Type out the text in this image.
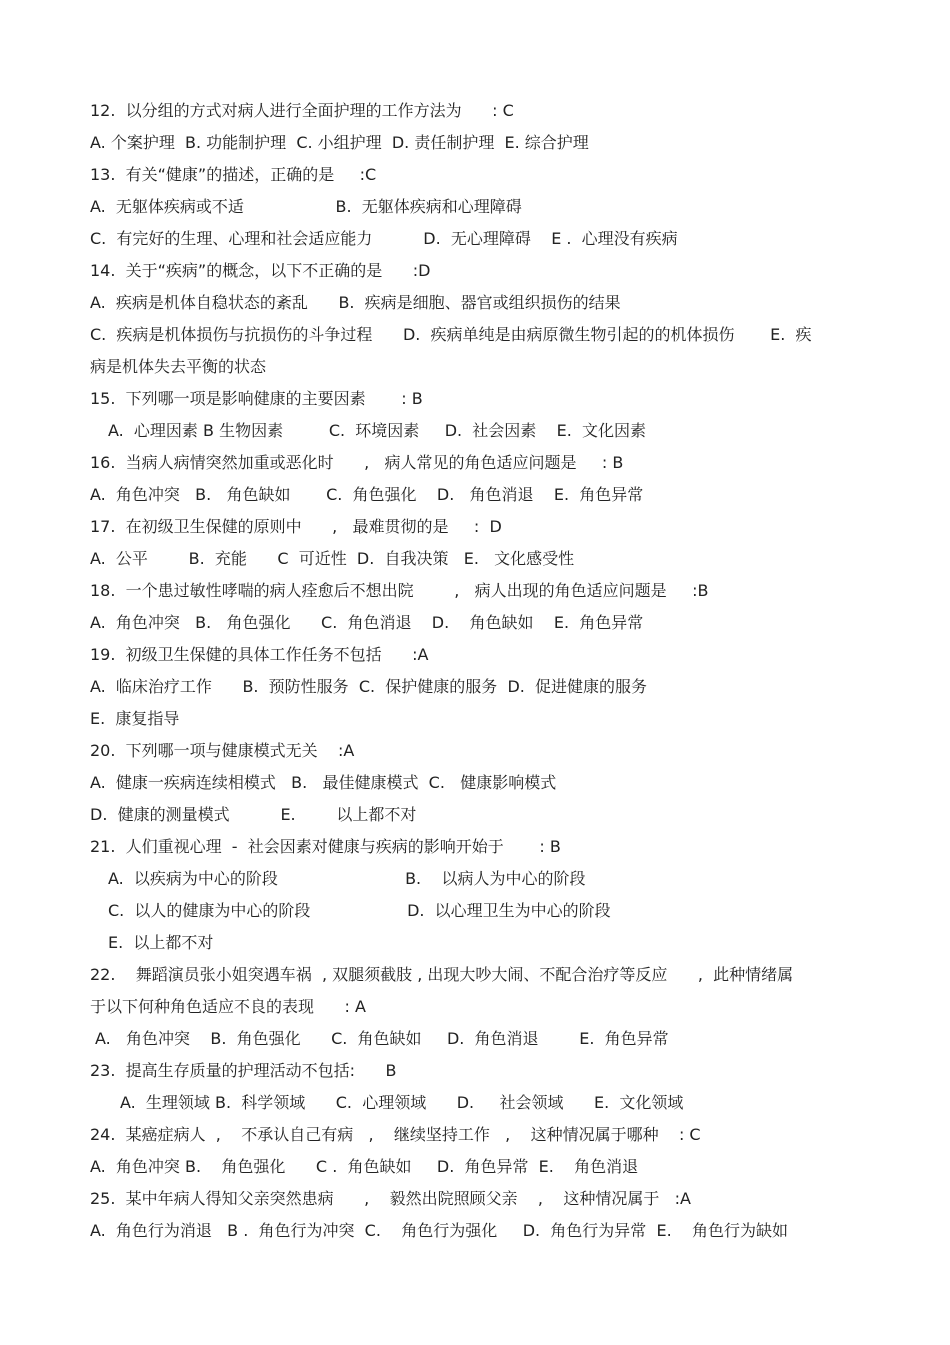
12.  以分组的方式对病人进行全面护理的工作方法为      : C
A. 个案护理  B. 功能制护理  C. 小组护理  D. 责任制护理  E. 综合护理
13.  有关“健康”的描述，正确的是     :C
A.  无躯体疾病或不适                  B.  无躯体疾病和心理障碍
C.  有完好的生理、心理和社会适应能力          D.  无心理障碍    E .  心理没有疾病
14.  关于“疾病”的概念，以下不正确的是      :D
A.  疾病是机体自稳状态的紊乱      B.  疾病是细胞、器官或组织损伤的结果
C.  疾病是机体损伤与抗损伤的斗争过程      D.  疾病单纯是由病原微生物引起的的机体损伤       E.  疾
病是机体失去平衡的状态
15.  下列哪一项是影响健康的主要因素       : B
A.  心理因素 B 生物因素         C.  环境因素     D.  社会因素    E.  文化因素
16.  当病人病情突然加重或恶化时      ,   病人常见的角色适应问题是     : B
A.  角色冲突   B.   角色缺如       C.  角色强化    D.   角色消退    E.  角色异常
17.  在初级卫生保健的原则中      ,   最难贯彻的是     :  D
A.  公平        B.  充能      C  可近性  D.  自我决策   E.   文化感受性
18.  一个患过敏性哮喘的病人痊愈后不想出院        ,   病人出现的角色适应问题是     :B
A.  角色冲突   B.   角色强化      C.  角色消退    D.    角色缺如    E.  角色异常
19.  初级卫生保健的具体工作任务不包括      :A
A.  临床治疗工作      B.  预防性服务  C.  保护健康的服务  D.  促进健康的服务
E.  康复指导
20.  下列哪一项与健康模式无关    :A
A.  健康一疾病连续相模式   B.   最佳健康模式  C.   健康影响模式
D.  健康的测量模式          E.        以上都不对
21.  人们重视心理  -  社会因素对健康与疾病的影响开始于       : B
A.  以疾病为中心的阶段                         B.    以病人为中心的阶段
C.  以人的健康为中心的阶段                   D.  以心理卫生为中心的阶段
E.  以上都不对
22.    舞蹈演员张小姐突遇车祸  , 双腿须截肢 , 出现大吵大闹、不配合治疗等反应      ,  此种情绪属
于以下何种角色适应不良的表现      : A
A.   角色冲突    B.  角色强化      C.  角色缺如     D.  角色消退        E.  角色异常
23.  提高生存质量的护理活动不包括:      B
A.  生理领域 B.  科学领域      C.  心理领域      D.     社会领域      E.  文化领域
24.  某癌症病人  ,    不承认自己有病   ,    继续坚持工作   ,    这种情况属于哪种    : C
A.  角色冲突 B.    角色强化      C .  角色缺如     D.  角色异常  E.    角色消退
25.  某中年病人得知父亲突然患病      ,    毅然出院照顾父亲    ,    这种情况属于   :A
A.  角色行为消退   B .  角色行为冲突  C.    角色行为强化     D.  角色行为异常  E.    角色行为缺如
